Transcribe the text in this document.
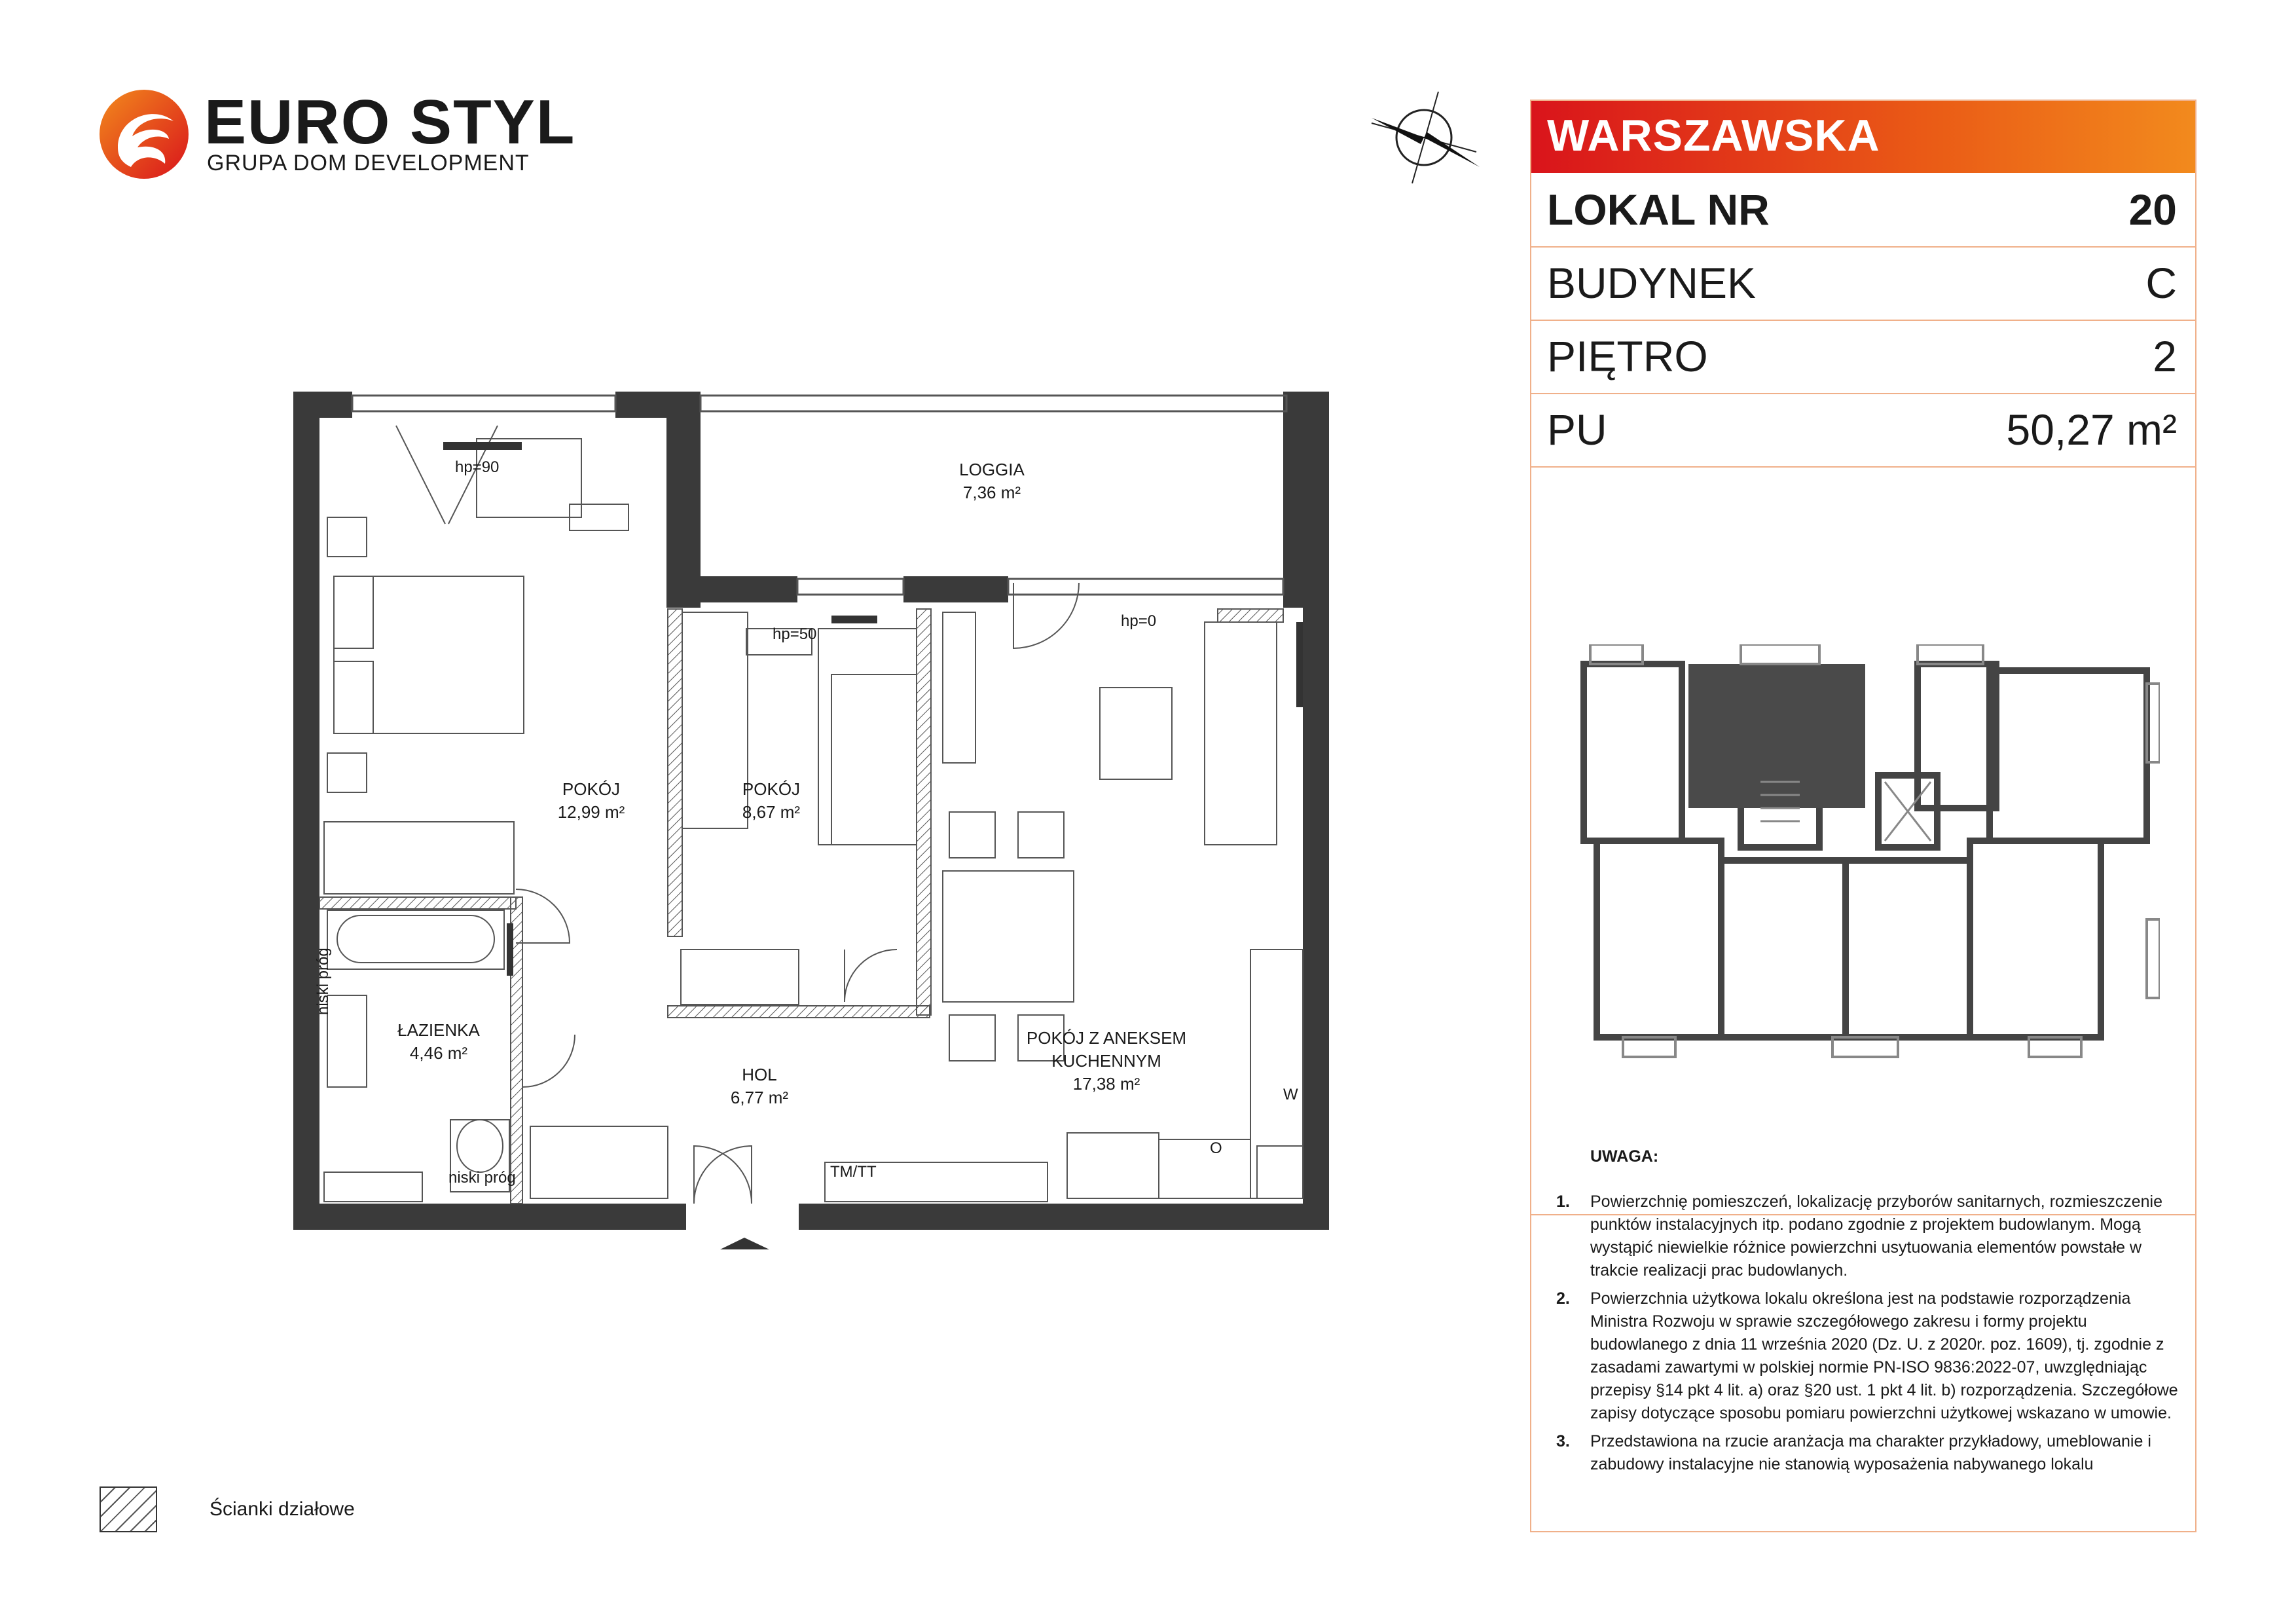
EURO STYL
GRUPA DOM DEVELOPMENT
LOGGIA
7,36 m²
POKÓJ
12,99 m²
POKÓJ
8,67 m²
ŁAZIENKA
4,46 m²
HOL
6,77 m²
POKÓJ Z ANEKSEM
KUCHENNYM
17,38 m²
hp=90
hp=50
hp=0
niski próg
niski próg	TM/TT
W
O
WARSZAWSKA
LOKAL NR	20
BUDYNEK	C
PIĘTRO	2
PU	50,27 m²
UWAGA:
1. Powierzchnię pomieszczeń, lokalizację przyborów sanitarnych, rozmieszczenie punktów instalacyjnych itp. podano zgodnie z projektem budowlanym. Mogą wystąpić niewielkie różnice powierzchni usytuowania elementów powstałe w trakcie realizacji prac budowlanych.
2. Powierzchnia użytkowa lokalu określona jest na podstawie rozporządzenia Ministra Rozwoju w sprawie szczegółowego zakresu i formy projektu budowlanego z dnia 11 września 2020 (Dz. U. z 2020r. poz. 1609), tj. zgodnie z zasadami zawartymi w polskiej normie PN-ISO 9836:2022-07, uwzględniając przepisy §14 pkt 4 lit. a) oraz §20 ust. 1 pkt 4 lit. b) rozporządzenia. Szczegółowe zapisy dotyczące sposobu pomiaru powierzchni użytkowej wskazano w umowie.
3. Przedstawiona na rzucie aranżacja ma charakter przykładowy, umeblowanie i zabudowy instalacyjne nie stanowią wyposażenia nabywanego lokalu
Ścianki działowe
